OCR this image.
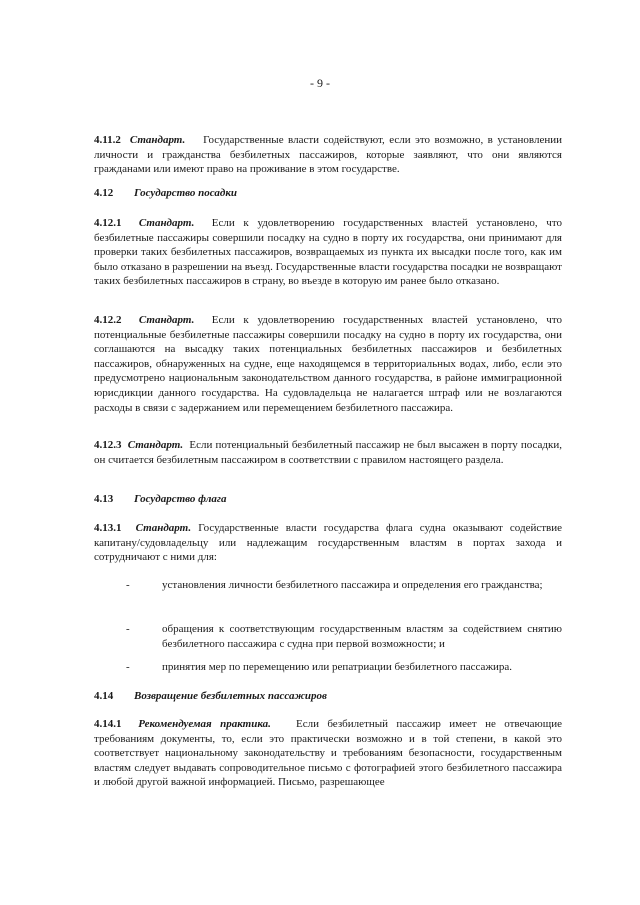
- 9 -

4.11.2 Стандарт. Государственные власти содействуют, если это возможно, в установлении личности и гражданства безбилетных пассажиров, которые заявляют, что они являются гражданами или имеют право на проживание в этом государстве.

4.12 Государство посадки

4.12.1 Стандарт. Если к удовлетворению государственных властей установлено, что безбилетные пассажиры совершили посадку на судно в порту их государства, они принимают для проверки таких безбилетных пассажиров, возвращаемых из пункта их высадки после того, как им было отказано в разрешении на въезд. Государственные власти государства посадки не возвращают таких безбилетных пассажиров в страну, во въезде в которую им ранее было отказано.

4.12.2 Стандарт. Если к удовлетворению государственных властей установлено, что потенциальные безбилетные пассажиры совершили посадку на судно в порту их государства, они соглашаются на высадку таких потенциальных безбилетных пассажиров и безбилетных пассажиров, обнаруженных на судне, еще находящемся в территориальных водах, либо, если это предусмотрено национальным законодательством данного государства, в районе иммиграционной юрисдикции данного государства. На судовладельца не налагается штраф или не возлагаются расходы в связи с задержанием или перемещением безбилетного пассажира.

4.12.3 Стандарт. Если потенциальный безбилетный пассажир не был высажен в порту посадки, он считается безбилетным пассажиром в соответствии с правилом настоящего раздела.

4.13 Государство флага

4.13.1 Стандарт. Государственные власти государства флага судна оказывают содействие капитану/судовладельцу или надлежащим государственным властям в портах захода и сотрудничают с ними для:

-	установления личности безбилетного пассажира и определения его гражданства;
-	обращения к соответствующим государственным властям за содействием снятию безбилетного пассажира с судна при первой возможности; и
-	принятия мер по перемещению или репатриации безбилетного пассажира.
4.14 Возвращение безбилетных пассажиров

4.14.1 Рекомендуемая практика. Если безбилетный пассажир имеет не отвечающие требованиям документы, то, если это практически возможно и в той степени, в какой это соответствует национальному законодательству и требованиям безопасности, государственным властям следует выдавать сопроводительное письмо с фотографией этого безбилетного пассажира и любой другой важной информацией. Письмо, разрешающее
